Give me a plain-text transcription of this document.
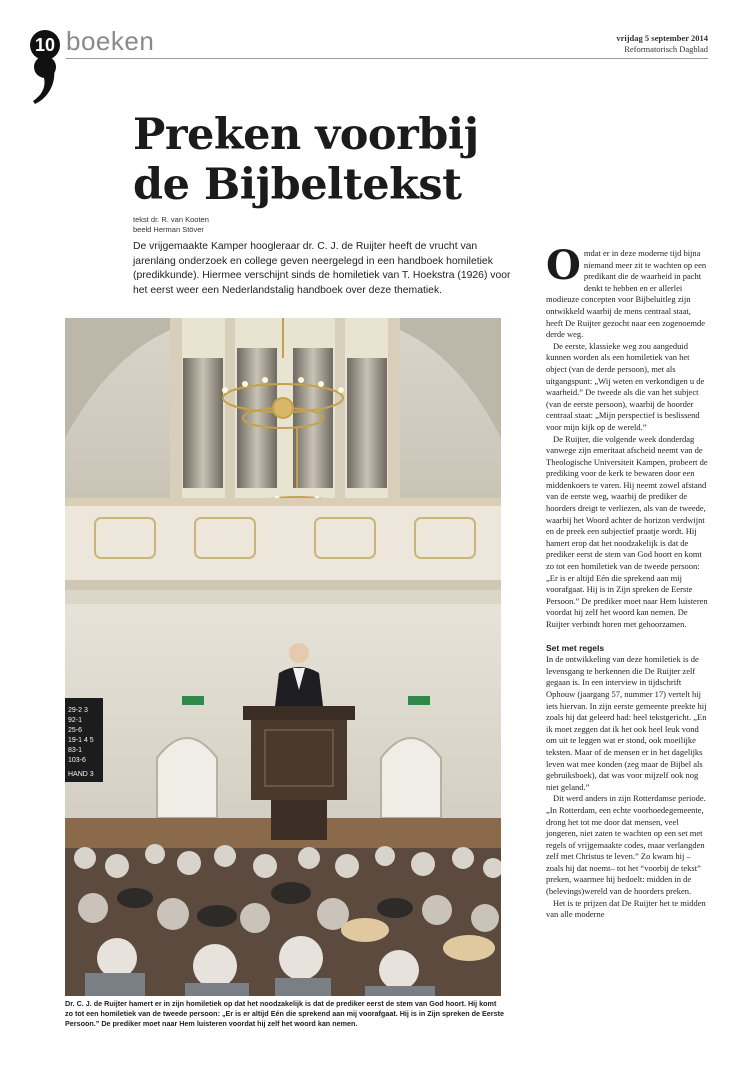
10 boeken	vrijdag 5 september 2014
Reformatorisch Dagblad
Preken voorbij
de Bijbeltekst
tekst dr. R. van Kooten
beeld Herman Stöver
De vrijgemaakte Kamper hoogleraar dr. C. J. de Ruijter heeft de vrucht van jarenlang onderzoek en college geven neergelegd in een handboek homiletiek (predikkunde). Hiermee verschijnt sinds de homiletiek van T. Hoekstra (1926) voor het eerst weer een Nederlandstalig handboek over deze thematiek.
29-2 3
92-1
25-6
19-1 4 5
83-1
103-6
HAND 3
Dr. C. J. de Ruijter hamert er in zijn homiletiek op dat het noodzakelijk is dat de prediker eerst de stem van God hoort. Hij komt zo tot een homiletiek van de tweede persoon: „Er is er altijd Eén die sprekend aan mij voorafgaat. Hij is in Zijn spreken de Eerste Persoon.” De prediker moet naar Hem luisteren voordat hij zelf het woord kan nemen.

Omdat er in deze moderne tijd bijna niemand meer zit te wachten op een predikant die de waarheid in pacht denkt te hebben en er allerlei modieuze concepten voor Bijbeluitleg zijn ontwikkeld waarbij de mens centraal staat, heeft De Ruijter gezocht naar een zogenoemde derde weg.

De eerste, klassieke weg zou aangeduid kunnen worden als een homiletiek van het object (van de derde persoon), met als uitgangspunt: „Wij weten en verkondigen u de waarheid.” De tweede als die van het subject (van de eerste persoon), waarbij de hoorder centraal staat: „Mijn perspectief is beslissend voor mijn kijk op de wereld.”

De Ruijter, die volgende week donderdag vanwege zijn emeritaat afscheid neemt van de Theologische Universiteit Kampen, probeert de prediking voor de kerk te bewaren door een middenkoers te varen. Hij neemt zowel afstand van de eerste weg, waarbij de prediker de hoorders dreigt te verliezen, als van de tweede, waarbij het Woord achter de horizon verdwijnt en de preek een subjectief praatje wordt. Hij hamert erop dat het noodzakelijk is dat de prediker eerst de stem van God hoort en komt zo tot een homiletiek van de tweede persoon: „Er is er altijd Eén die sprekend aan mij voorafgaat. Hij is in Zijn spreken de Eerste Persoon.” De prediker moet naar Hem luisteren voordat hij zelf het woord kan nemen. De Ruijter verbindt horen met gehoorzamen.

Set met regels

In de ontwikkeling van deze homiletiek is de levensgang te herkennen die De Ruijter zelf gegaan is. In een interview in tijdschrift Ophouw (jaargang 57, nummer 17) vertelt hij iets hiervan. In zijn eerste gemeente preekte hij zoals hij dat geleerd had: heel tekstgericht. „En ik moet zeggen dat ik het ook heel leuk vond om uit te leggen wat er stond, ook moeilijke teksten. Maar of de mensen er in het dagelijks leven wat mee konden (zeg maar de Bijbel als gebruiksboek), dat was voor mijzelf ook nog niet geland.”

Dit werd anders in zijn Rotterdamse periode. „In Rotterdam, een echte voorhoedegemeente, drong het tot me door dat mensen, veel jongeren, niet zaten te wachten op een set met regels of vrijgemaakte codes, maar verlangden zelf met Christus te leven.” Zo kwam hij –zoals hij dat noemt– tot het “voorbij de tekst” preken, waarmee hij bedoelt: midden in de (belevings)wereld van de hoorders preken.

Het is te prijzen dat De Ruijter het te midden van alle moderne
